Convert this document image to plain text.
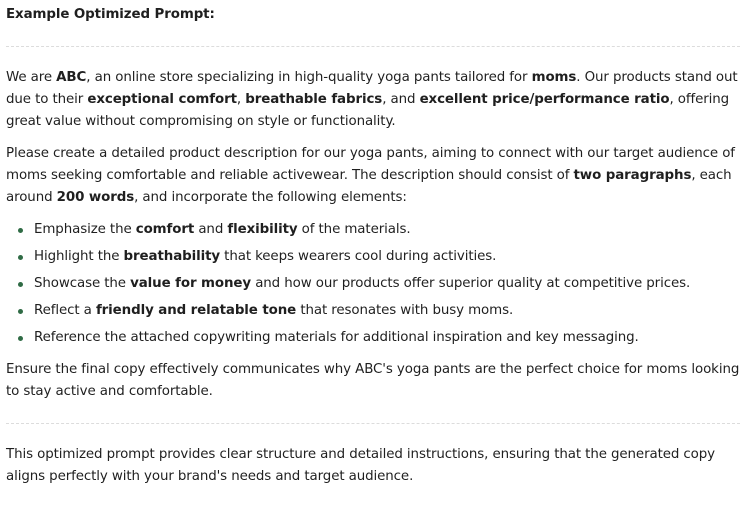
Example Optimized Prompt:

We are ABC, an online store specializing in high-quality yoga pants tailored for moms. Our products stand out due to their exceptional comfort, breathable fabrics, and excellent price/performance ratio, offering great value without compromising on style or functionality.

Please create a detailed product description for our yoga pants, aiming to connect with our target audience of moms seeking comfortable and reliable activewear. The description should consist of two paragraphs, each around 200 words, and incorporate the following elements:

Emphasize the comfort and flexibility of the materials.
Highlight the breathability that keeps wearers cool during activities.
Showcase the value for money and how our products offer superior quality at competitive prices.
Reflect a friendly and relatable tone that resonates with busy moms.
Reference the attached copywriting materials for additional inspiration and key messaging.

Ensure the final copy effectively communicates why ABC's yoga pants are the perfect choice for moms looking to stay active and comfortable.

This optimized prompt provides clear structure and detailed instructions, ensuring that the generated copy aligns perfectly with your brand's needs and target audience.
